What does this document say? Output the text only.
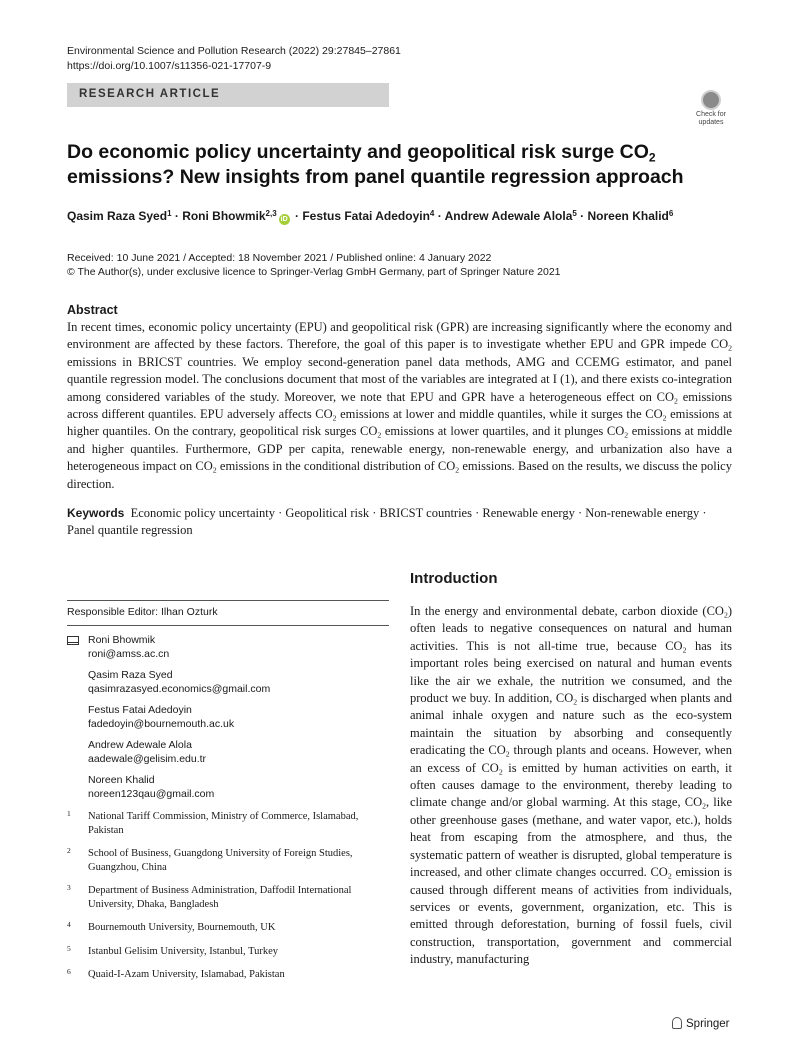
Environmental Science and Pollution Research (2022) 29:27845–27861
https://doi.org/10.1007/s11356-021-17707-9
RESEARCH ARTICLE
Check for
updates
Do economic policy uncertainty and geopolitical risk surge $CO_2$
emissions? New insights from panel quantile regression approach
Qasim Raza Syed$^1$ · Roni Bhowmik$^{2,3}$iD · Festus Fatai Adedoyin$^4$ · Andrew Adewale Alola$^5$ · Noreen Khalid$^6$
Received: 10 June 2021 / Accepted: 18 November 2021 / Published online: 4 January 2022
© The Author(s), under exclusive licence to Springer-Verlag GmbH Germany, part of Springer Nature 2021
Abstract
In recent times, economic policy uncertainty (EPU) and geopolitical risk (GPR) are increasing significantly where the economy and environment are affected by these factors. Therefore, the goal of this paper is to investigate whether EPU and GPR impede $CO_2$ emissions in BRICST countries. We employ second-generation panel data methods, AMG and CCEMG estimator, and panel quantile regression model. The conclusions document that most of the variables are integrated at I (1), and there exists co-integration among considered variables of the study. Moreover, we note that EPU and GPR have a heterogeneous effect on $CO_2$ emissions across different quantiles. EPU adversely affects $CO_2$ emissions at lower and middle quantiles, while it surges the $CO_2$ emissions at higher quantiles. On the contrary, geopolitical risk surges $CO_2$ emissions at lower quartiles, and it plunges $CO_2$ emissions at middle and higher quantiles. Furthermore, GDP per capita, renewable energy, non-renewable energy, and urbanization also have a heterogeneous impact on $CO_2$ emissions in the conditional distribution of $CO_2$ emissions. Based on the results, we discuss the policy direction.
Keywords Economic policy uncertainty · Geopolitical risk · BRICST countries · Renewable energy · Non-renewable energy · Panel quantile regression
Responsible Editor: Ilhan Ozturk
Roni Bhowmik
roni@amss.ac.cn
Qasim Raza Syed
qasimrazasyed.economics@gmail.com
Festus Fatai Adedoyin
fadedoyin@bournemouth.ac.uk
Andrew Adewale Alola
aadewale@gelisim.edu.tr
Noreen Khalid
noreen123qau@gmail.com
1 National Tariff Commission, Ministry of Commerce, Islamabad, Pakistan
2 School of Business, Guangdong University of Foreign Studies, Guangzhou, China
3 Department of Business Administration, Daffodil International University, Dhaka, Bangladesh
4 Bournemouth University, Bournemouth, UK
5 Istanbul Gelisim University, Istanbul, Turkey
6 Quaid-I-Azam University, Islamabad, Pakistan
Introduction
In the energy and environmental debate, carbon dioxide $(CO_2)$ often leads to negative consequences on natural and human activities. This is not all-time true, because $CO_2$ has its important roles being exercised on natural and human events like the air we exhale, the nutrition we consumed, and the product we buy. In addition, $CO_2$ is discharged when plants and animal inhale oxygen and nature such as the eco-system maintain the situation by absorbing and consequently eradicating the $CO_2$ through plants and oceans. However, when an excess of $CO_2$ is emitted by human activities on earth, it often causes damage to the environment, thereby leading to climate change and/or global warming. At this stage, $CO_2$, like other greenhouse gases (methane, and water vapor, etc.), holds heat from escaping from the atmosphere, and thus, the systematic pattern of weather is disrupted, global temperature is increased, and other climate changes occurred. $CO_2$ emission is caused through different means of activities from individuals, services or events, government, organization, etc. This is emitted through deforestation, burning of fossil fuels, civil construction, transportation, government and commercial industry, manufacturing
Springer
